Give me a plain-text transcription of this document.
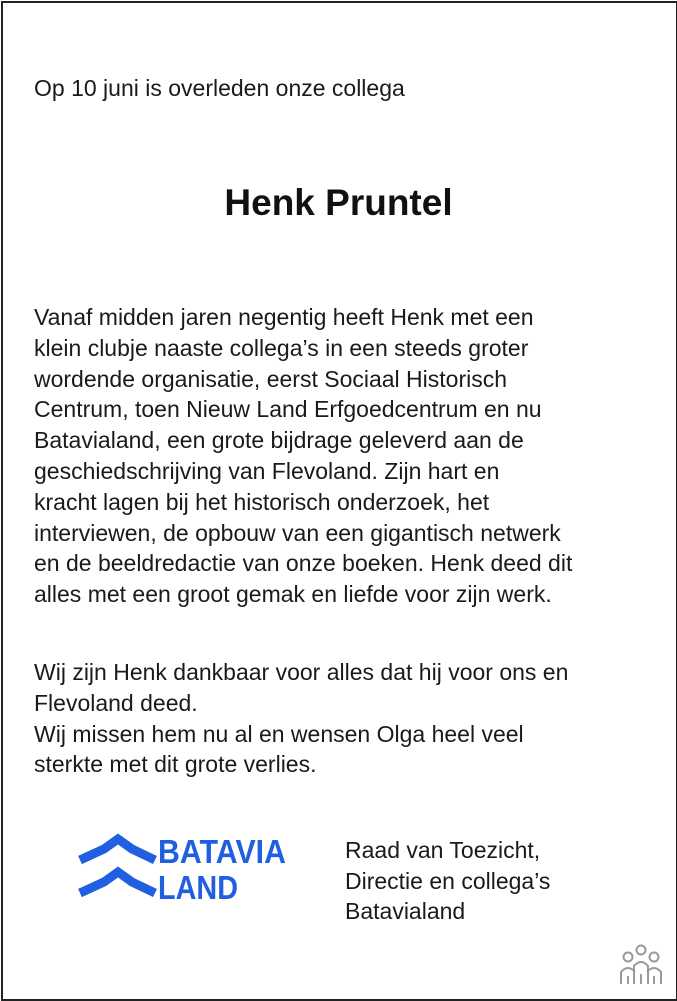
Op 10 juni is overleden onze collega
Henk Pruntel
Vanaf midden jaren negentig heeft Henk met een
klein clubje naaste collega’s in een steeds groter
wordende organisatie, eerst Sociaal Historisch
Centrum, toen Nieuw Land Erfgoedcentrum en nu
Batavialand, een grote bijdrage geleverd aan de
geschiedschrijving van Flevoland. Zijn hart en
kracht lagen bij het historisch onderzoek, het
interviewen, de opbouw van een gigantisch netwerk
en de beeldredactie van onze boeken. Henk deed dit
alles met een groot gemak en liefde voor zijn werk.
Wij zijn Henk dankbaar voor alles dat hij voor ons en
Flevoland deed.
Wij missen hem nu al en wensen Olga heel veel
sterkte met dit grote verlies.
BATAVIA
LAND
Raad van Toezicht,
Directie en collega’s
Batavialand
